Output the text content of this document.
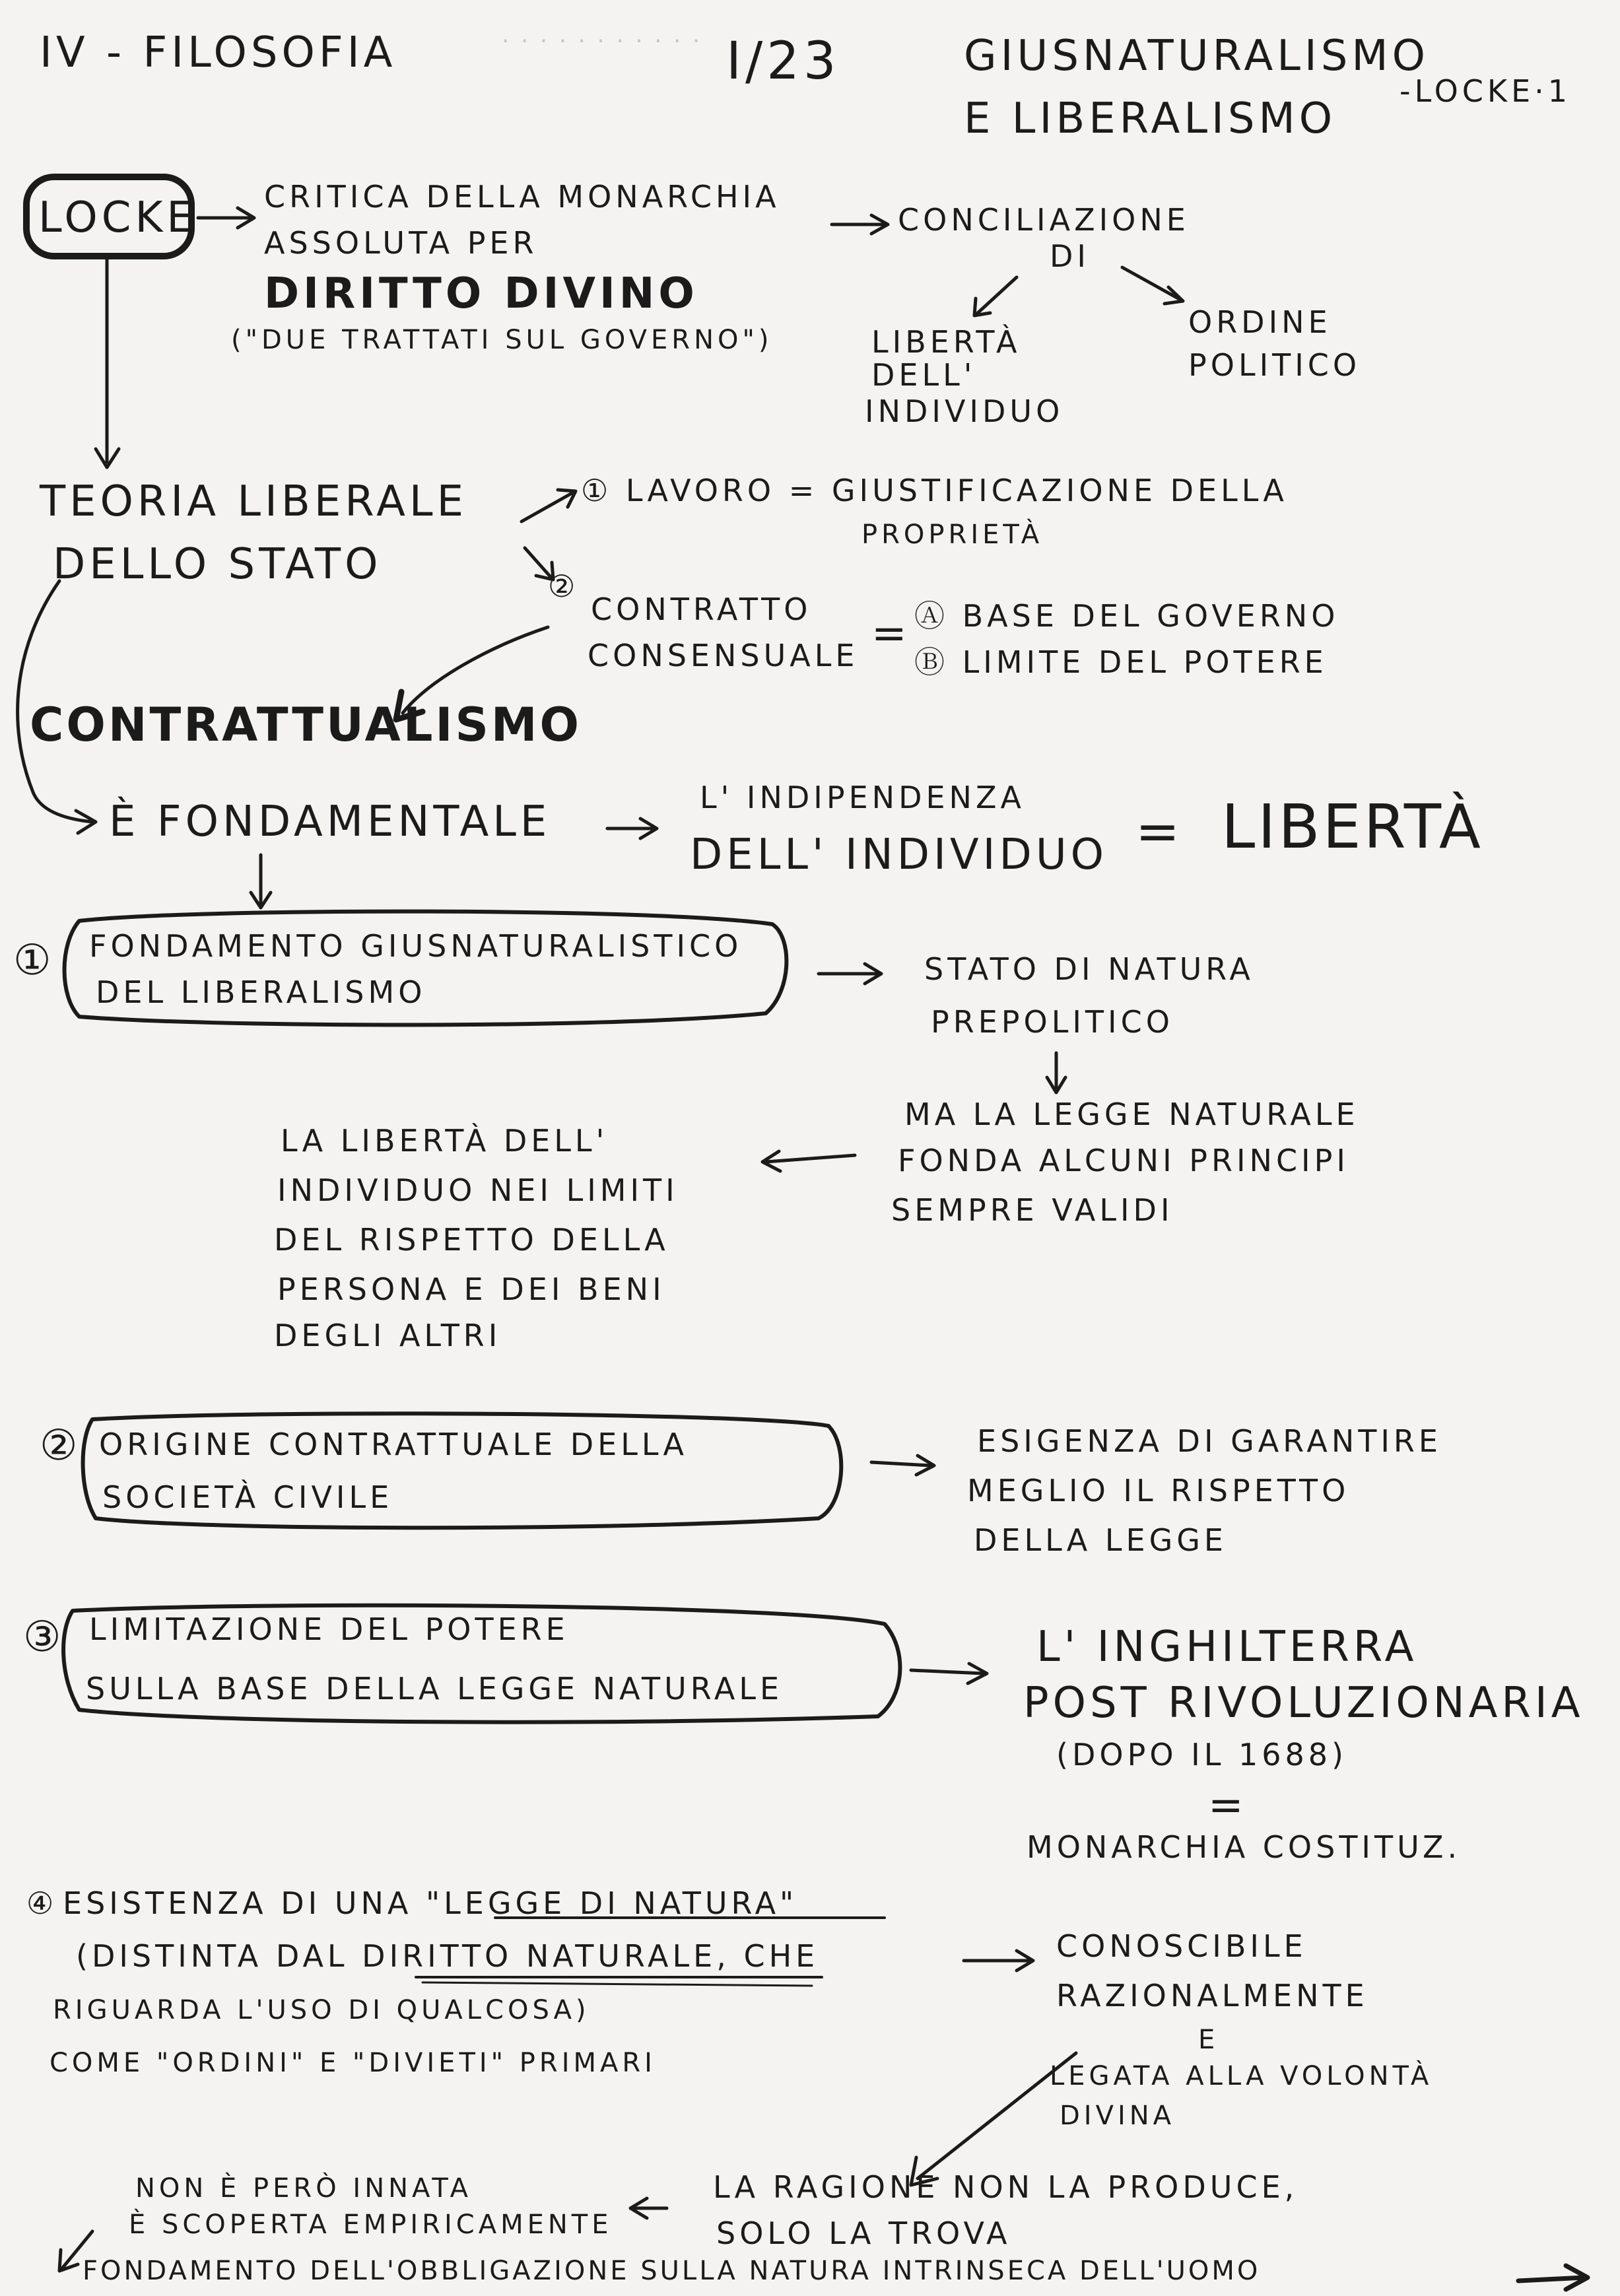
· · · · · · · · · · ·
IV - FILOSOFIA	I/23	GIUSNATURALISMO
E LIBERALISMO
-LOCKE·1
LOCKE CRITICA DELLA MONARCHIA
ASSOLUTA PER
DIRITTO DIVINO
("DUE TRATTATI SUL GOVERNO")
CONCILIAZIONE
DI
LIBERTÀ
DELL'
INDIVIDUO
ORDINE
POLITICO
TEORIA LIBERALE
DELLO STATO
① LAVORO = GIUSTIFICAZIONE DELLA
PROPRIETÀ
②
CONTRATTO
CONSENSUALE = Ⓐ BASE DEL GOVERNO
Ⓑ LIMITE DEL POTERE
CONTRATTUALISMO
È FONDAMENTALE	L' INDIPENDENZA
DELL' INDIVIDUO = LIBERTÀ
① FONDAMENTO GIUSNATURALISTICO
DEL LIBERALISMO
STATO DI NATURA
PREPOLITICO
MA LA LEGGE NATURALE
FONDA ALCUNI PRINCIPI
SEMPRE VALIDI
LA LIBERTÀ DELL'
INDIVIDUO NEI LIMITI
DEL RISPETTO DELLA
PERSONA E DEI BENI
DEGLI ALTRI
② ORIGINE CONTRATTUALE DELLA
SOCIETÀ CIVILE
ESIGENZA DI GARANTIRE
MEGLIO IL RISPETTO
DELLA LEGGE
③ LIMITAZIONE DEL POTERE
SULLA BASE DELLA LEGGE NATURALE
L' INGHILTERRA
POST RIVOLUZIONARIA
(DOPO IL 1688)
=
MONARCHIA COSTITUZ.
④ ESISTENZA DI UNA "LEGGE DI NATURA"
(DISTINTA DAL DIRITTO NATURALE, CHE
RIGUARDA L'USO DI QUALCOSA)
COME "ORDINI" E "DIVIETI" PRIMARI
CONOSCIBILE
RAZIONALMENTE
E
LEGATA ALLA VOLONTÀ
DIVINA
LA RAGIONE NON LA PRODUCE,
SOLO LA TROVA
NON È PERÒ INNATA
È SCOPERTA EMPIRICAMENTE
FONDAMENTO DELL'OBBLIGAZIONE SULLA NATURA INTRINSECA DELL'UOMO
